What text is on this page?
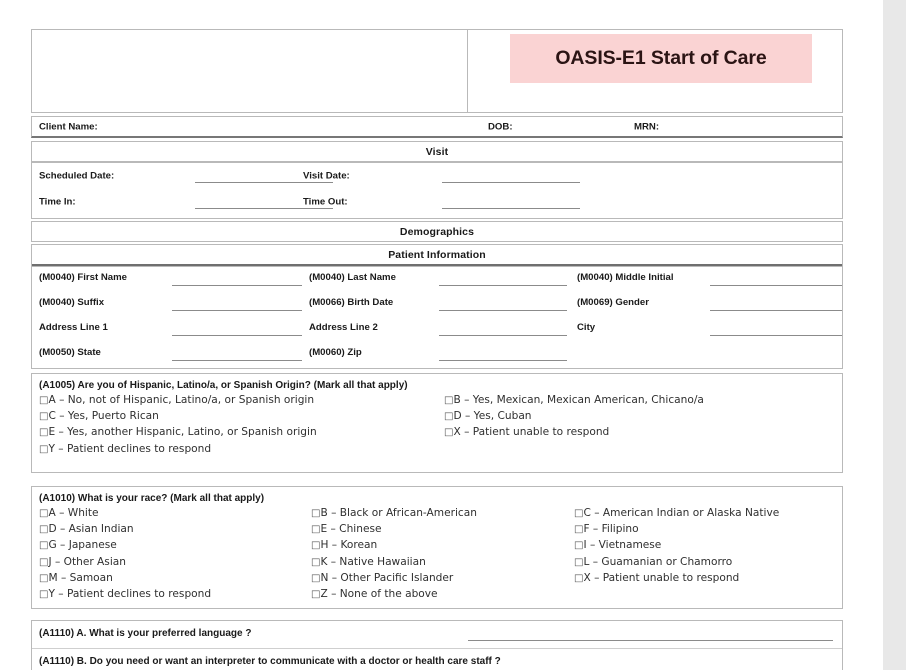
OASIS-E1 Start of Care
Client Name:	DOB:	MRN:
Visit
Scheduled Date:	Visit Date:
Time In:	Time Out:
Demographics
Patient Information
(M0040) First Name	(M0040) Last Name	(M0040) Middle Initial
(M0040) Suffix	(M0066) Birth Date	(M0069) Gender
Address Line 1	Address Line 2	City
(M0050) State	(M0060) Zip
(A1005) Are you of Hispanic, Latino/a, or Spanish Origin? (Mark all that apply)
□A – No, not of Hispanic, Latino/a, or Spanish origin	□B – Yes, Mexican, Mexican American, Chicano/a
□C – Yes, Puerto Rican	□D – Yes, Cuban
□E – Yes, another Hispanic, Latino, or Spanish origin	□X – Patient unable to respond
□Y – Patient declines to respond
(A1010) What is your race? (Mark all that apply)
□A – White	□B – Black or African-American	□C – American Indian or Alaska Native
□D – Asian Indian	□E – Chinese	□F – Filipino
□G – Japanese	□H – Korean	□I – Vietnamese
□J – Other Asian	□K – Native Hawaiian	□L – Guamanian or Chamorro
□M – Samoan	□N – Other Pacific Islander	□X – Patient unable to respond
□Y – Patient declines to respond	□Z – None of the above
(A1110) A. What is your preferred language ?
(A1110) B. Do you need or want an interpreter to communicate with a doctor or health care staff ?
